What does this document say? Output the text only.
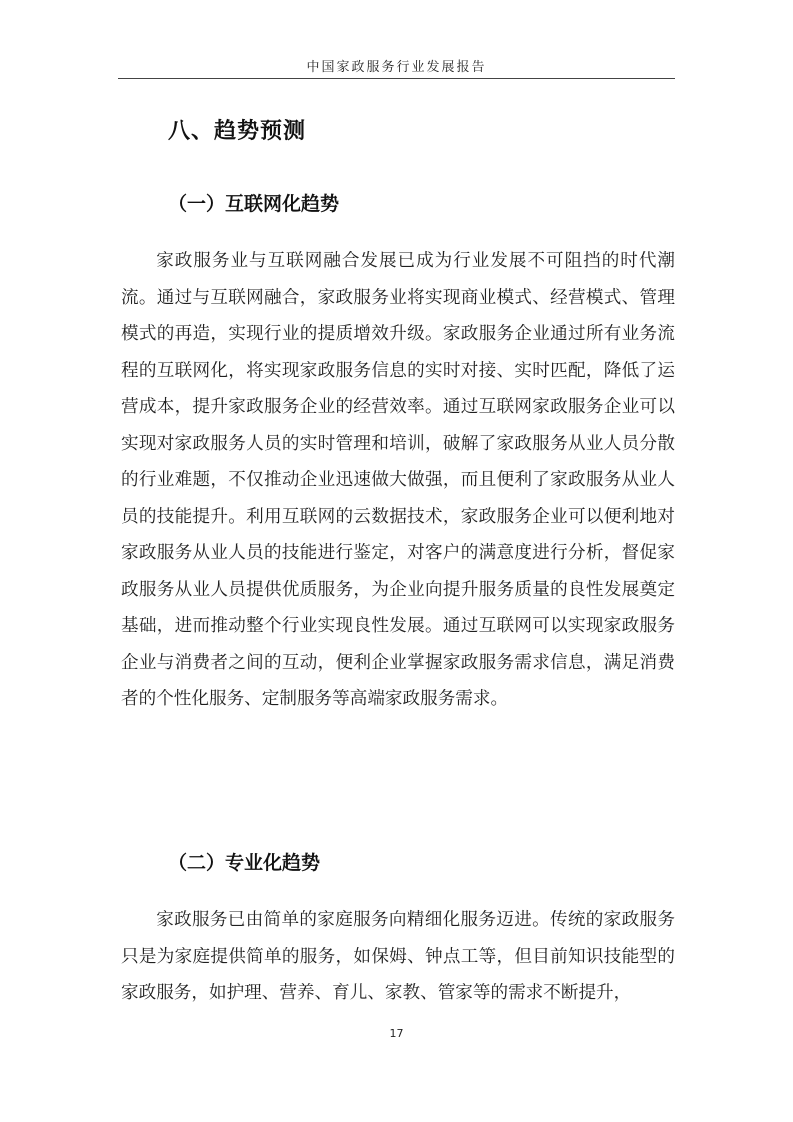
中国家政服务行业发展报告
八、趋势预测
（一）互联网化趋势

家政服务业与互联网融合发展已成为行业发展不可阻挡的时代潮流。通过与互联网融合，家政服务业将实现商业模式、经营模式、管理模式的再造，实现行业的提质增效升级。家政服务企业通过所有业务流程的互联网化，将实现家政服务信息的实时对接、实时匹配，降低了运营成本，提升家政服务企业的经营效率。通过互联网家政服务企业可以实现对家政服务人员的实时管理和培训，破解了家政服务从业人员分散的行业难题，不仅推动企业迅速做大做强，而且便利了家政服务从业人员的技能提升。利用互联网的云数据技术，家政服务企业可以便利地对家政服务从业人员的技能进行鉴定，对客户的满意度进行分析，督促家政服务从业人员提供优质服务，为企业向提升服务质量的良性发展奠定基础，进而推动整个行业实现良性发展。通过互联网可以实现家政服务企业与消费者之间的互动，便利企业掌握家政服务需求信息，满足消费者的个性化服务、定制服务等高端家政服务需求。

（二）专业化趋势

家政服务已由简单的家庭服务向精细化服务迈进。传统的家政服务只是为家庭提供简单的服务，如保姆、钟点工等，但目前知识技能型的家政服务，如护理、营养、育儿、家教、管家等的需求不断提升，

17
